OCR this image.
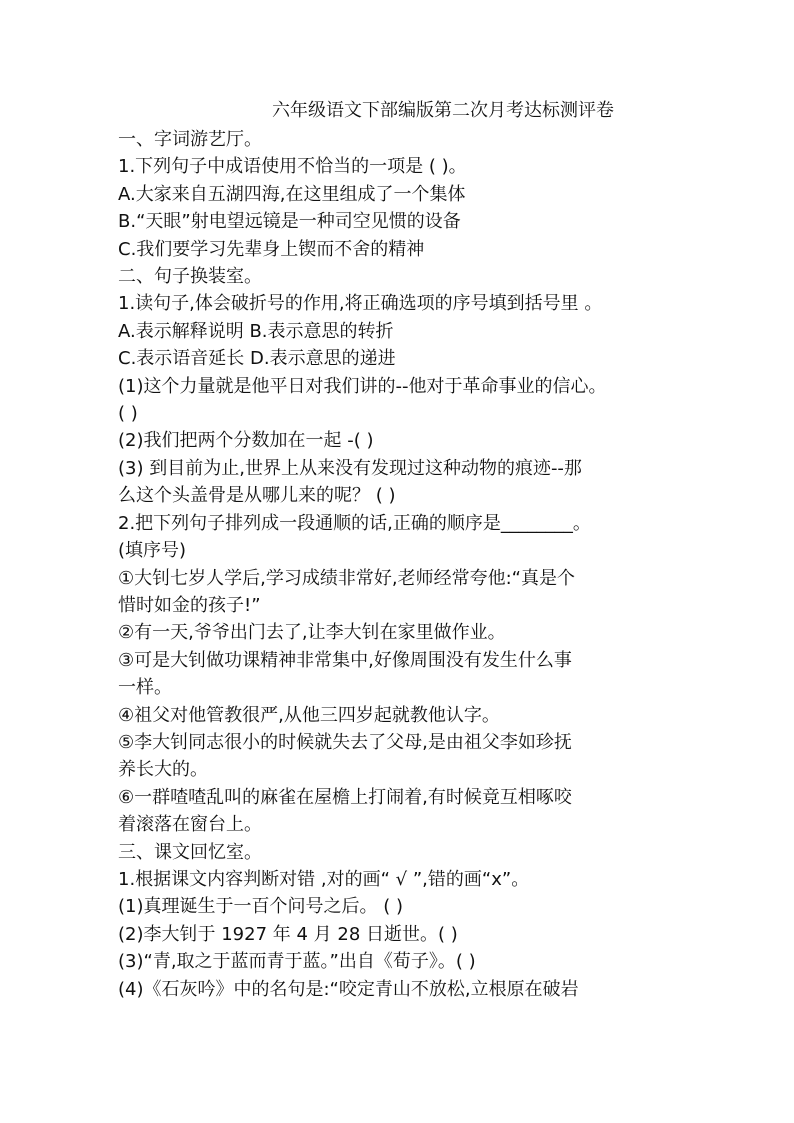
六年级语文下部编版第二次月考达标测评卷
一、字词游艺厅。
1.下列句子中成语使用不恰当的一项是 ( )。
A.大家来自五湖四海,在这里组成了一个集体
B.“天眼”射电望远镜是一种司空见惯的设备
C.我们要学习先辈身上锲而不舍的精神
二、句子换装室。
1.读句子,体会破折号的作用,将正确选项的序号填到括号里 。
A.表示解释说明 B.表示意思的转折
C.表示语音延长 D.表示意思的递进
(1)这个力量就是他平日对我们讲的--他对于革命事业的信心。
( )
(2)我们把两个分数加在一起 -( )
(3) 到目前为止,世界上从来没有发现过这种动物的痕迹--那
么这个头盖骨是从哪儿来的呢？ ( )
2.把下列句子排列成一段通顺的话,正确的顺序是________。
(填序号)
①大钊七岁人学后,学习成绩非常好,老师经常夸他:“真是个
惜时如金的孩子!”
②有一天,爷爷出门去了,让李大钊在家里做作业。
③可是大钊做功课精神非常集中,好像周围没有发生什么事
一样。
④祖父对他管教很严,从他三四岁起就教他认字。
⑤李大钊同志很小的时候就失去了父母,是由祖父李如珍抚
养长大的。
⑥一群喳喳乱叫的麻雀在屋檐上打闹着,有时候竟互相啄咬
着滚落在窗台上。
三、课文回忆室。
1.根据课文内容判断对错 ,对的画“ √ ”,错的画“x”。
(1)真理诞生于一百个问号之后。 ( )
(2)李大钊于 1927 年 4 月 28 日逝世。( )
(3)“青,取之于蓝而青于蓝。”出自《荀子》。( )
(4)《石灰吟》中的名句是:“咬定青山不放松,立根原在破岩
